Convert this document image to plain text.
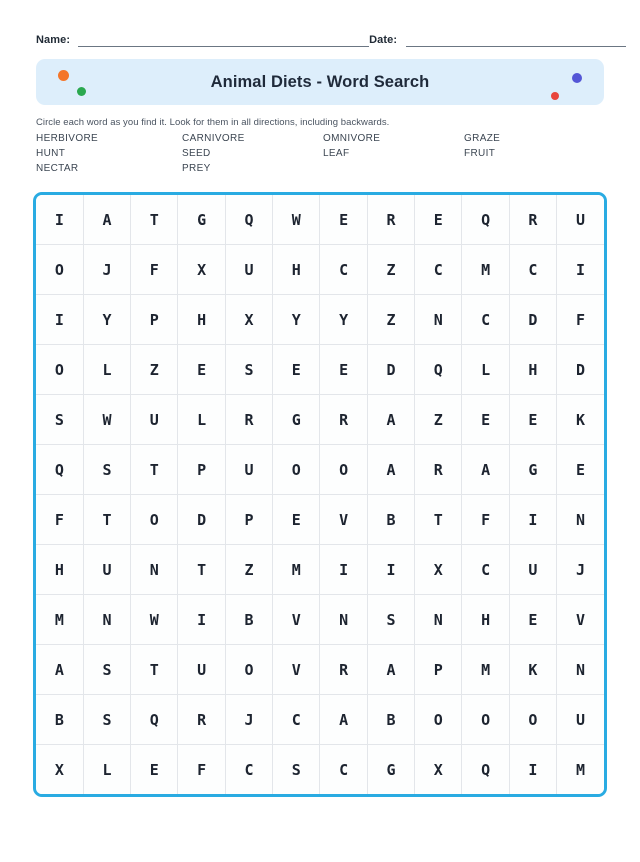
Name:	Date:
Animal Diets - Word Search
Circle each word as you find it. Look for them in all directions, including backwards.
HERBIVORE	CARNIVORE	OMNIVORE	GRAZE
HUNT	SEED	LEAF	FRUIT
NECTAR	PREY
I	A	T	G	Q	W	E	R	E	Q	R	U
O	J	F	X	U	H	C	Z	C	M	C	I
I	Y	P	H	X	Y	Y	Z	N	C	D	F
O	L	Z	E	S	E	E	D	Q	L	H	D
S	W	U	L	R	G	R	A	Z	E	E	K
Q	S	T	P	U	O	O	A	R	A	G	E
F	T	O	D	P	E	V	B	T	F	I	N
H	U	N	T	Z	M	I	I	X	C	U	J
M	N	W	I	B	V	N	S	N	H	E	V
A	S	T	U	O	V	R	A	P	M	K	N
B	S	Q	R	J	C	A	B	O	O	O	U
X	L	E	F	C	S	C	G	X	Q	I	M
